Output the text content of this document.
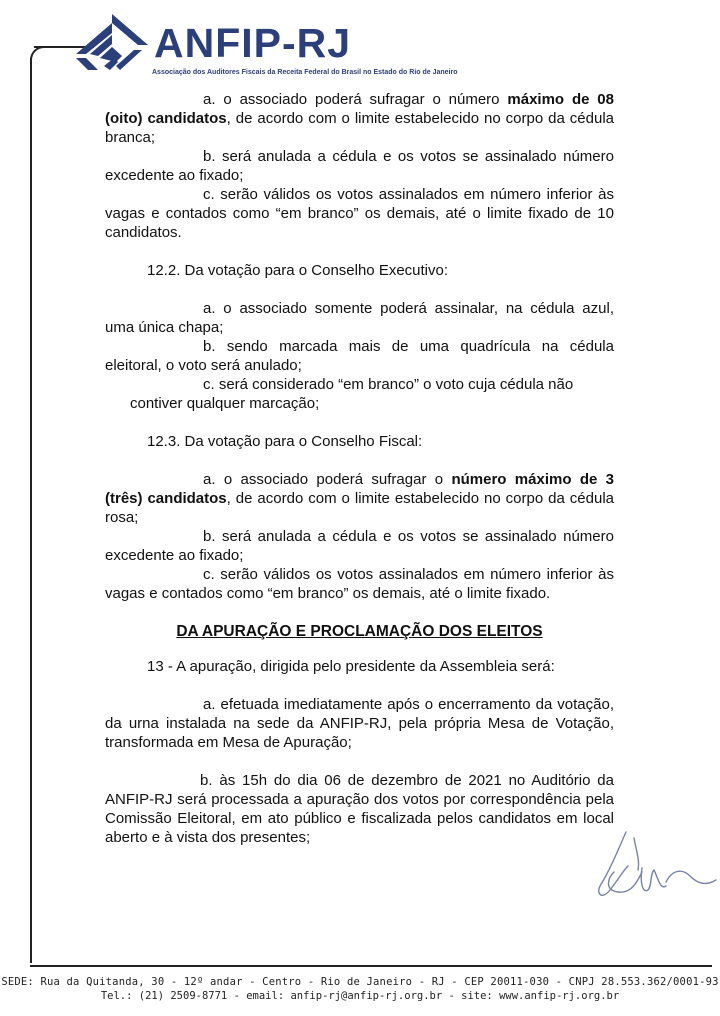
ANFIP-RJ
Associação dos Auditores Fiscais da Receita Federal do Brasil no Estado do Rio de Janeiro

a. o associado poderá sufragar o número máximo de 08 (oito) candidatos, de acordo com o limite estabelecido no corpo da cédula branca;

b. será anulada a cédula e os votos se assinalado número excedente ao fixado;

c. serão válidos os votos assinalados em número inferior às vagas e contados como “em branco” os demais, até o limite fixado de 10 candidatos.

12.2. Da votação para o Conselho Executivo:

a. o associado somente poderá assinalar, na cédula azul, uma única chapa;

b. sendo marcada mais de uma quadrícula na cédula eleitoral, o voto será anulado;

c. será considerado “em branco” o voto cuja cédula não

contiver qualquer marcação;

12.3. Da votação para o Conselho Fiscal:

a. o associado poderá sufragar o número máximo de 3 (três) candidatos, de acordo com o limite estabelecido no corpo da cédula rosa;

b. será anulada a cédula e os votos se assinalado número excedente ao fixado;

c. serão válidos os votos assinalados em número inferior às vagas e contados como “em branco” os demais, até o limite fixado.

DA APURAÇÃO E PROCLAMAÇÃO DOS ELEITOS

13 - A apuração, dirigida pelo presidente da Assembleia será:

a. efetuada imediatamente após o encerramento da votação, da urna instalada na sede da ANFIP-RJ, pela própria Mesa de Votação, transformada em Mesa de Apuração;

b. às 15h do dia 06 de dezembro de 2021 no Auditório da ANFIP-RJ será processada a apuração dos votos por correspondência pela Comissão Eleitoral, em ato público e fiscalizada pelos candidatos em local aberto e à vista dos presentes;

SEDE: Rua da Quitanda, 30 - 12º andar - Centro - Rio de Janeiro - RJ - CEP 20011-030 - CNPJ 28.553.362/0001-93
Tel.: (21) 2509-8771 - email: anfip-rj@anfip-rj.org.br - site: www.anfip-rj.org.br
